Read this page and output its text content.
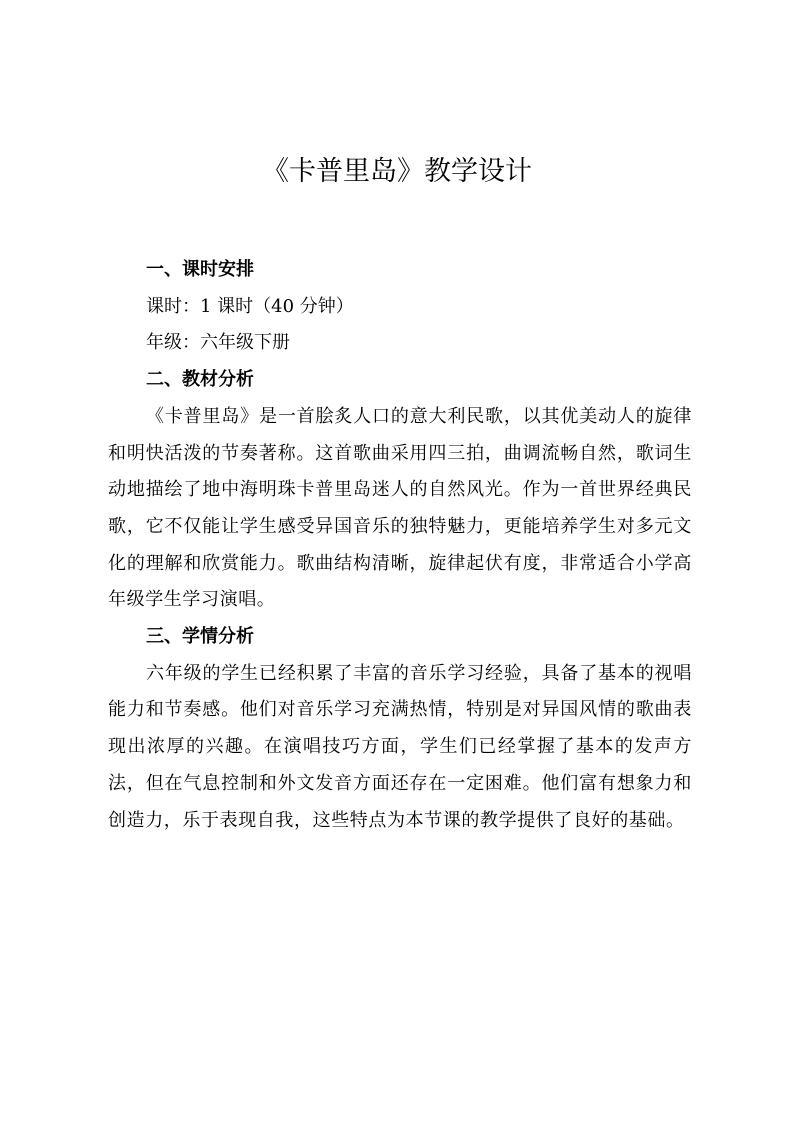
《卡普里岛》教学设计

一、课时安排

课时：1 课时（40 分钟）

年级：六年级下册

二、教材分析

《卡普里岛》是一首脍炙人口的意大利民歌，以其优美动人的旋律和明快活泼的节奏著称。这首歌曲采用四三拍，曲调流畅自然，歌词生动地描绘了地中海明珠卡普里岛迷人的自然风光。作为一首世界经典民歌，它不仅能让学生感受异国音乐的独特魅力，更能培养学生对多元文化的理解和欣赏能力。歌曲结构清晰，旋律起伏有度，非常适合小学高年级学生学习演唱。

三、学情分析

六年级的学生已经积累了丰富的音乐学习经验，具备了基本的视唱能力和节奏感。他们对音乐学习充满热情，特别是对异国风情的歌曲表现出浓厚的兴趣。在演唱技巧方面，学生们已经掌握了基本的发声方法，但在气息控制和外文发音方面还存在一定困难。他们富有想象力和创造力，乐于表现自我，这些特点为本节课的教学提供了良好的基础。
